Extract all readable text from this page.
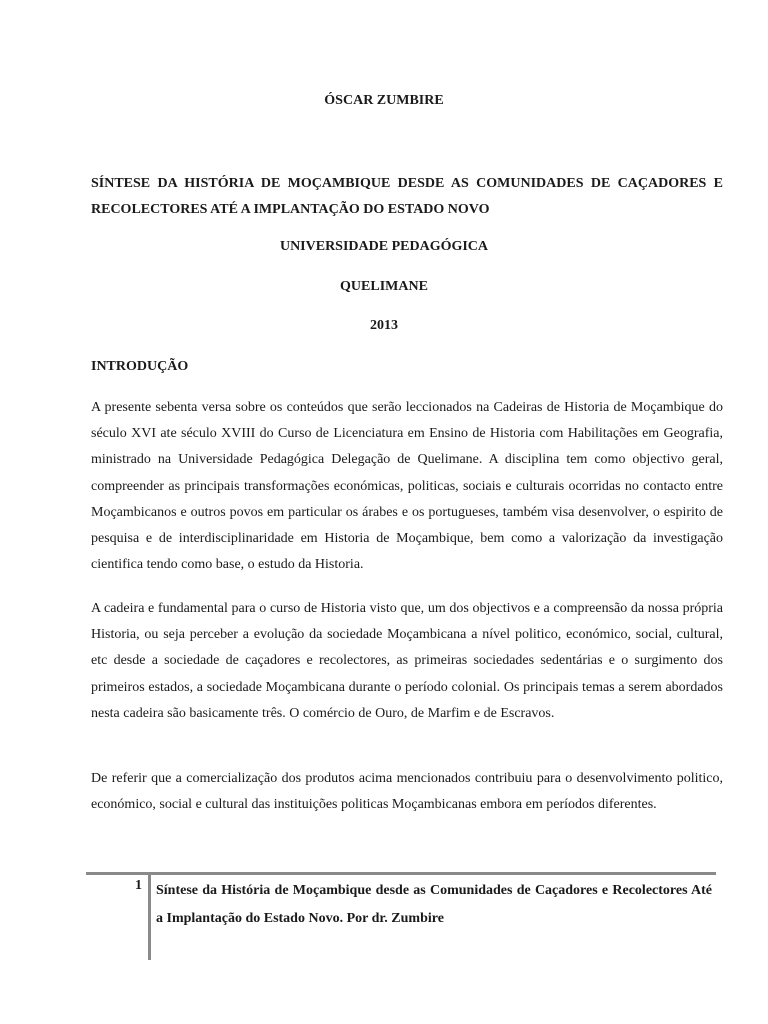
ÓSCAR ZUMBIRE
SÍNTESE DA HISTÓRIA DE MOÇAMBIQUE DESDE AS COMUNIDADES DE CAÇADORES E RECOLECTORES ATÉ A IMPLANTAÇÃO DO ESTADO NOVO
UNIVERSIDADE PEDAGÓGICA
QUELIMANE
2013
INTRODUÇÃO

A presente sebenta versa sobre os conteúdos que serão leccionados na Cadeiras de Historia de Moçambique do século XVI ate século XVIII do Curso de Licenciatura em Ensino de Historia com Habilitações em Geografia, ministrado na Universidade Pedagógica Delegação de Quelimane. A disciplina tem como objectivo geral, compreender as principais transformações económicas, politicas, sociais e culturais ocorridas no contacto entre Moçambicanos e outros povos em particular os árabes e os portugueses, também visa desenvolver, o espirito de pesquisa e de interdisciplinaridade em Historia de Moçambique, bem como a valorização da investigação cientifica tendo como base, o estudo da Historia.

A cadeira e fundamental para o curso de Historia visto que, um dos objectivos e a compreensão da nossa própria Historia, ou seja perceber a evolução da sociedade Moçambicana a nível politico, económico, social, cultural, etc desde a sociedade de caçadores e recolectores, as primeiras sociedades sedentárias e o surgimento dos primeiros estados, a sociedade Moçambicana durante o período colonial. Os principais temas a serem abordados nesta cadeira são basicamente três. O comércio de Ouro, de Marfim e de Escravos.

De referir que a comercialização dos produtos acima mencionados contribuiu para o desenvolvimento politico, económico, social e cultural das instituições politicas Moçambicanas embora em períodos diferentes.

1 Síntese da História de Moçambique desde as Comunidades de Caçadores e Recolectores Até a Implantação do Estado Novo. Por dr. Zumbire
